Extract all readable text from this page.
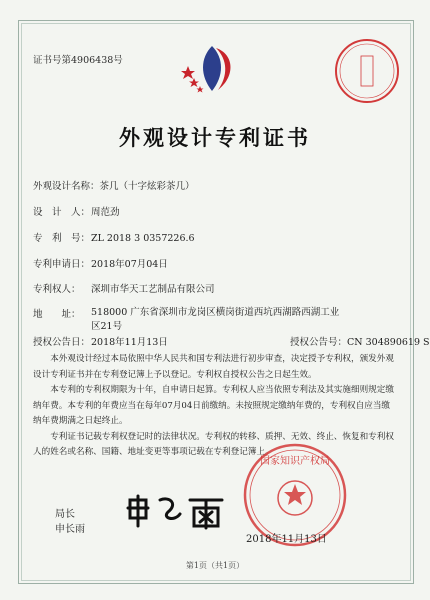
证书号第4906438号
外观设计专利证书
外观设计名称：茶几（十字炫彩茶几）
设　计　人：周范劲
专　利　号：ZL 2018 3 0357226.6
专利申请日：2018年07月04日
专利权人： 深圳市华天工艺制品有限公司
地　　址：	518000 广东省深圳市龙岗区横岗街道西坑西湖路西湖工业区21号
授权公告日：2018年11月13日	授权公告号：CN 304890619 S

本外观设计经过本局依照中华人民共和国专利法进行初步审查，决定授予专利权，颁发外观设计专利证书并在专利登记簿上予以登记。专利权自授权公告之日起生效。

本专利的专利权期限为十年，自申请日起算。专利权人应当依照专利法及其实施细则规定缴纳年费。本专利的年费应当在每年07月04日前缴纳。未按照规定缴纳年费的，专利权自应当缴纳年费期满之日起终止。

专利证书记载专利权登记时的法律状况。专利权的转移、质押、无效、终止、恢复和专利权人的姓名或名称、国籍、地址变更等事项记载在专利登记簿上。

局长
申长雨
国家知识产权局
2018年11月13日
第1页（共1页）
